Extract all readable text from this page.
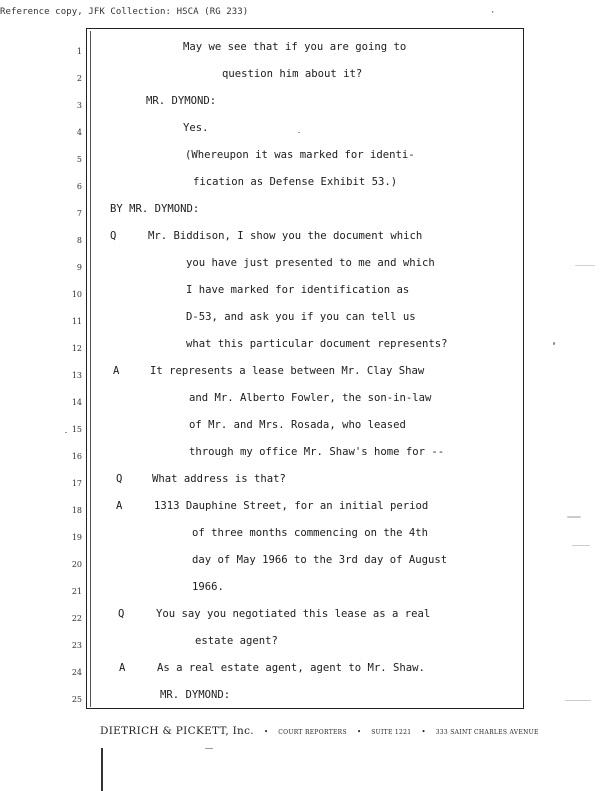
Reference copy, JFK Collection: HSCA (RG 233)	·
1	May we see that if you are going to
2	question him about it?
3	MR. DYMOND:
4	Yes.
5	(Whereupon it was marked for identi-
6	fication as Defense Exhibit 53.)
7	BY MR. DYMOND:
8	Q	Mr. Biddison, I show you the document which
9	you have just presented to me and which
10	I have marked for identification as
11	D-53, and ask you if you can tell us
12	what this particular document represents?
13	A	It represents a lease between Mr. Clay Shaw
14	and Mr. Alberto Fowler, the son-in-law
15	of Mr. and Mrs. Rosada, who leased
16	through my office Mr. Shaw's home for --
17	Q	What address is that?
18	A	1313 Dauphine Street, for an initial period
19	of three months commencing on the 4th
20	day of May 1966 to the 3rd day of August
21	1966.
22	Q	You say you negotiated this lease as a real
23	estate agent?
24	A	As a real estate agent, agent to Mr. Shaw.
25	MR. DYMOND:
DIETRICH & PICKETT, Inc. • COURT REPORTERS • SUITE 1221 • 333 SAINT CHARLES AVENUE
